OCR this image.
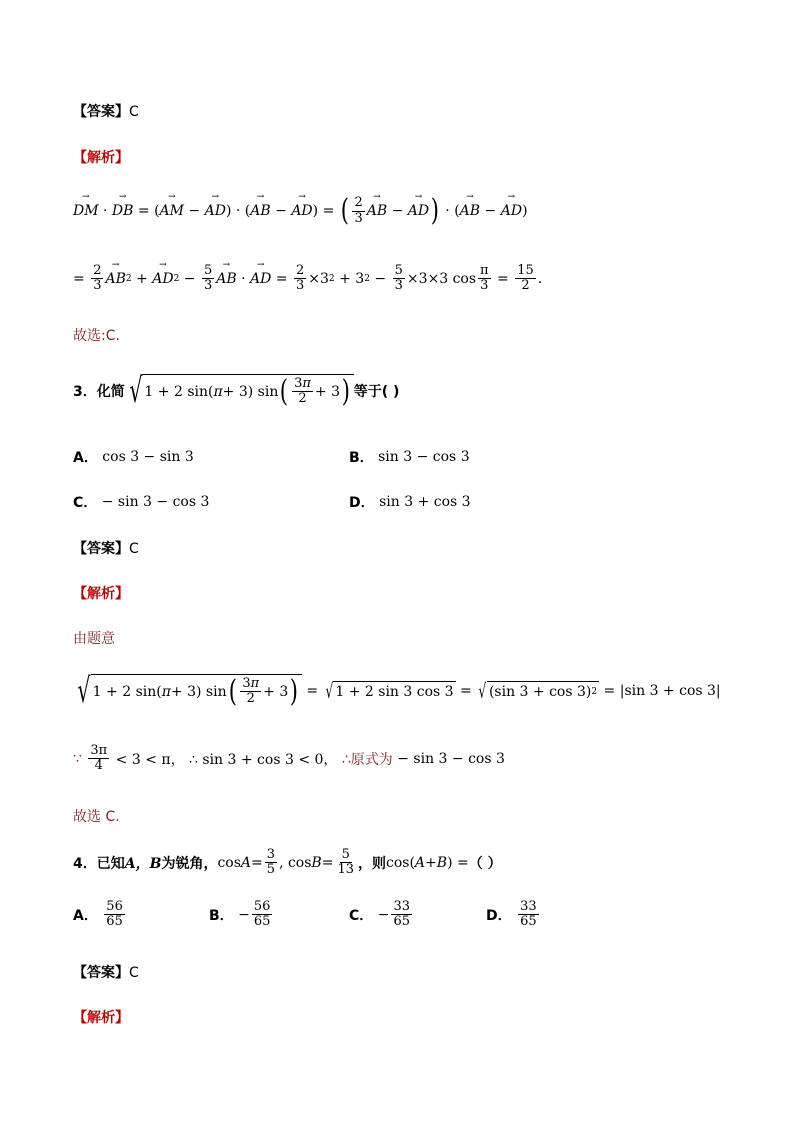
【答案】C
【解析】
→ DM · → DB
= ( → AM − → AD ) · ( → AB − → AD ) = ( $\frac{2}{3}$ → AB − → AD ) · ( → AB − → AD )
=
$\frac{2}{3}$ → AB 2 + → AD $2 - \frac{5}{3}$ → AB · → AD = $\frac{2}{3} \times 3$ 2 + 3 $2 - \frac{5}{3} \times 3\times 3$ $\cos \frac{\pi}{3}$
=
$\frac{15}{2}$ .
故选:C.
3． 化简 √ 1 + 2 sin( π + 3) sin ( $\frac{3\pi}{2} + 3$ ) 等于( )
A．
cos 3 − sin 3	B．
sin 3 − cos 3
C．
− sin 3 − cos 3	D．
sin 3 + cos 3
【答案】C
【解析】
由题意
√ 1 + 2 sin( π + 3) sin ( $\frac{3\pi}{2} + 3$ ) = √ 1 + 2 sin 3 cos 3 = √ (sin 3 + cos 3) 2 = |sin 3 + cos 3|
∵
$\frac{3\pi}{4}$
< 3 < π，
∴ sin 3 + cos 3 < 0，
∴原式为
− sin 3 − cos 3
故选 C.
4． 已知 A，B 为锐角， $\cos A = \frac{3}{5}$ , $\cos B = \frac{5}{13}$ ，则 cos( A + B ) = （ ）
A．
$\frac{56}{65}$	B．
− $\frac{56}{65}$	C．
− $\frac{33}{65}$	D．
$\frac{33}{65}$
【答案】C
【解析】
